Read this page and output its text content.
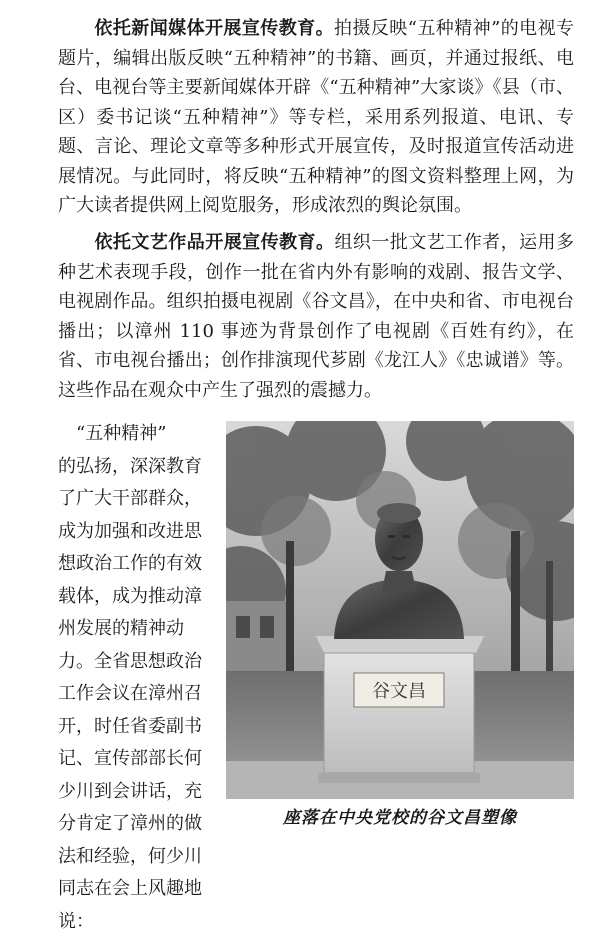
依托新闻媒体开展宣传教育。拍摄反映“五种精神”的电视专题片，编辑出版反映“五种精神”的书籍、画页，并通过报纸、电台、电视台等主要新闻媒体开辟《“五种精神”大家谈》《县（市、区）委书记谈“五种精神”》等专栏，采用系列报道、电讯、专题、言论、理论文章等多种形式开展宣传，及时报道宣传活动进展情况。与此同时，将反映“五种精神”的图文资料整理上网，为广大读者提供网上阅览服务，形成浓烈的舆论氛围。

依托文艺作品开展宣传教育。组织一批文艺工作者，运用多种艺术表现手段，创作一批在省内外有影响的戏剧、报告文学、电视剧作品。组织拍摄电视剧《谷文昌》，在中央和省、市电视台播出；以漳州 110 事迹为背景创作了电视剧《百姓有约》，在省、市电视台播出；创作排演现代芗剧《龙江人》《忠诚谱》等。这些作品在观众中产生了强烈的震撼力。

“五种精神”
的弘扬，深深教育了广大干部群众，成为加强和改进思想政治工作的有效载体，成为推动漳州发展的精神动力。全省思想政治工作会议在漳州召开，时任省委副书记、宣传部部长何少川到会讲话，充分肯定了漳州的做法和经验，何少川同志在会上风趣地说：

谷文昌
座落在中央党校的谷文昌塑像
